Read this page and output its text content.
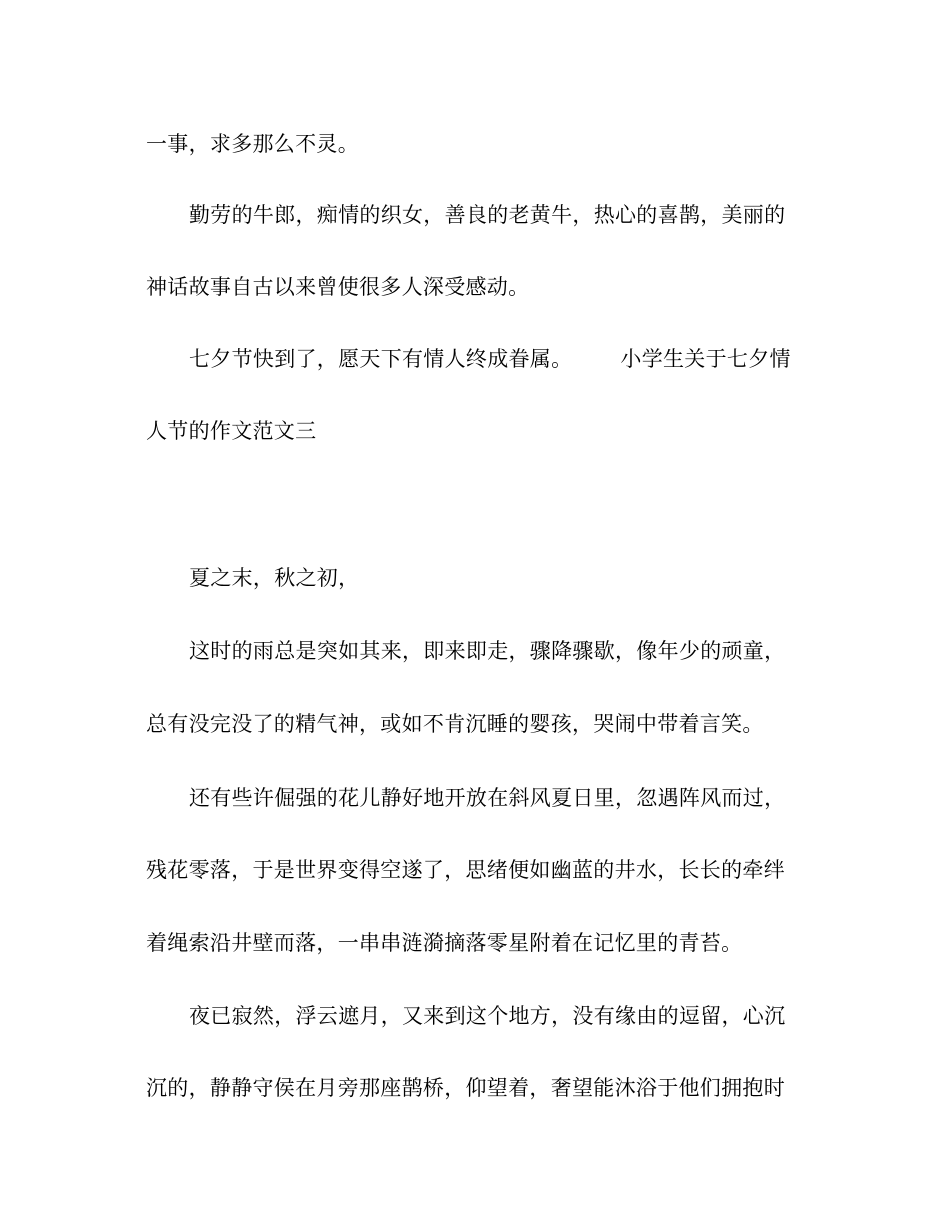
一事，求多那么不灵。
勤劳的牛郎，痴情的织女，善良的老黄牛，热心的喜鹊，美丽的
神话故事自古以来曾使很多人深受感动。
七夕节快到了，愿天下有情人终成眷属。 小学生关于七夕情
人节的作文范文三
夏之末，秋之初，
这时的雨总是突如其来，即来即走，骤降骤歇，像年少的顽童，
总有没完没了的精气神，或如不肯沉睡的婴孩，哭闹中带着言笑。
还有些许倔强的花儿静好地开放在斜风夏日里，忽遇阵风而过，
残花零落，于是世界变得空遂了，思绪便如幽蓝的井水，长长的牵绊
着绳索沿井壁而落，一串串涟漪摘落零星附着在记忆里的青苔。
夜已寂然，浮云遮月，又来到这个地方，没有缘由的逗留，心沉
沉的，静静守侯在月旁那座鹊桥，仰望着，奢望能沐浴于他们拥抱时
